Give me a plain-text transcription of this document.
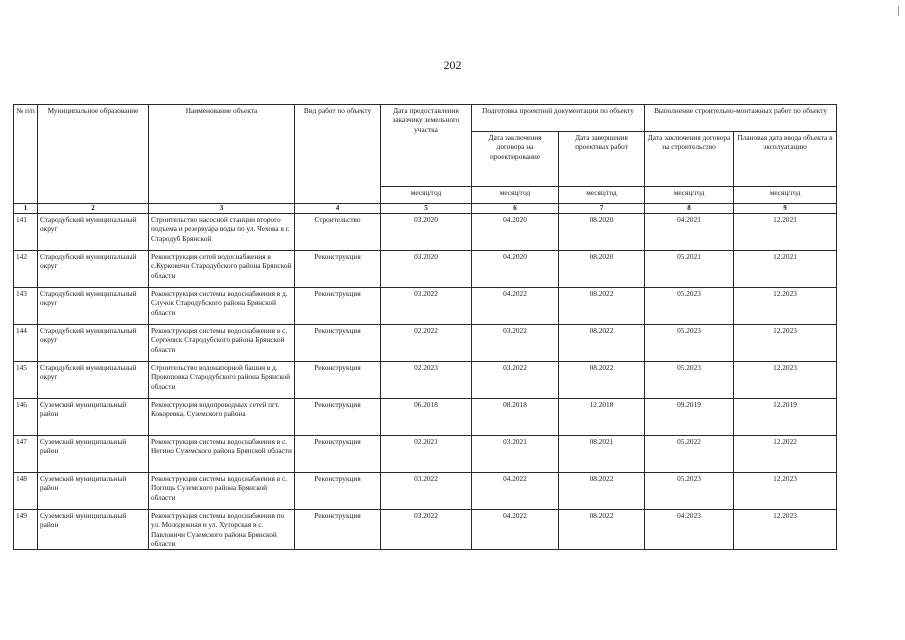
202
№ п/п	Муниципальное образование	Наименование объекта	Вид работ по объекту	Дата предоставления заказчику земельного участка	Подготовка проектной документации по объекту		Выполнение строительно-монтажных работ по объекту	
					Дата заключения договора на проектирование	Дата завершения проектных работ	Дата заключения договора на строительство	Плановая дата ввода объекта в эксплуатацию
				месяц/год	месяц/год	месяц/год	месяц/год	месяц/год
1	2	3	4	5	6	7	8	9
141	Стародубский муниципальный округ	Строительство насосной станции второго подъема и резервуара воды по ул. Чехова в г. Стародуб Брянской	Строительство	03.2020	04.2020	08.2020	04.2021	12.2021
142	Стародубский муниципальный округ	Реконструкция сетей водоснабжения в с.Курковичи Стародубского района Брянской области	Реконструкция	03.2020	04.2020	08.2020	05.2021	12.2021
143	Стародубский муниципальный округ	Реконструкция системы водоснабжения в д. Случок Стародубского района Брянской области	Реконструкция	03.2022	04.2022	08.2022	05.2023	12.2023
144	Стародубский муниципальный округ	Реконструкция системы водоснабжения в с. Сергеевск Стародубского района Брянской области	Реконструкция	02.2022	03.2022	08.2022	05.2023	12.2023
145	Стародубский муниципальный округ	Строительство водонапорной башни в д. Прокоповка Стародубского района Брянской области	Реконструкция	02.2023	03.2022	08.2022	05.2023	12.2023
146	Суземский муниципальный район	Реконструкция водопроводных сетей пгт. Кокоревка, Суземского района	Реконструкция	06.2018	08.2018	12.2018	09.2019	12.2019
147	Суземский муниципальный район	Реконструкция системы водоснабжения в с. Негино Суземского района Брянской области	Реконструкция	02.2021	03.2021	08.2021	05.2022	12.2022
148	Суземский муниципальный район	Реконструкция системы водоснабжения в с. Погощь Суземского района Брянской области	Реконструкция	03.2022	04.2022	08.2022	05.2023	12.2023
149	Суземский муниципальный район	Реконструкция системы водоснабжения по ул. Молодежная и ул. Хуторская в с. Павловичи Суземского района Брянской области	Реконструкция	03.2022	04.2022	08.2022	04.2023	12.2023
